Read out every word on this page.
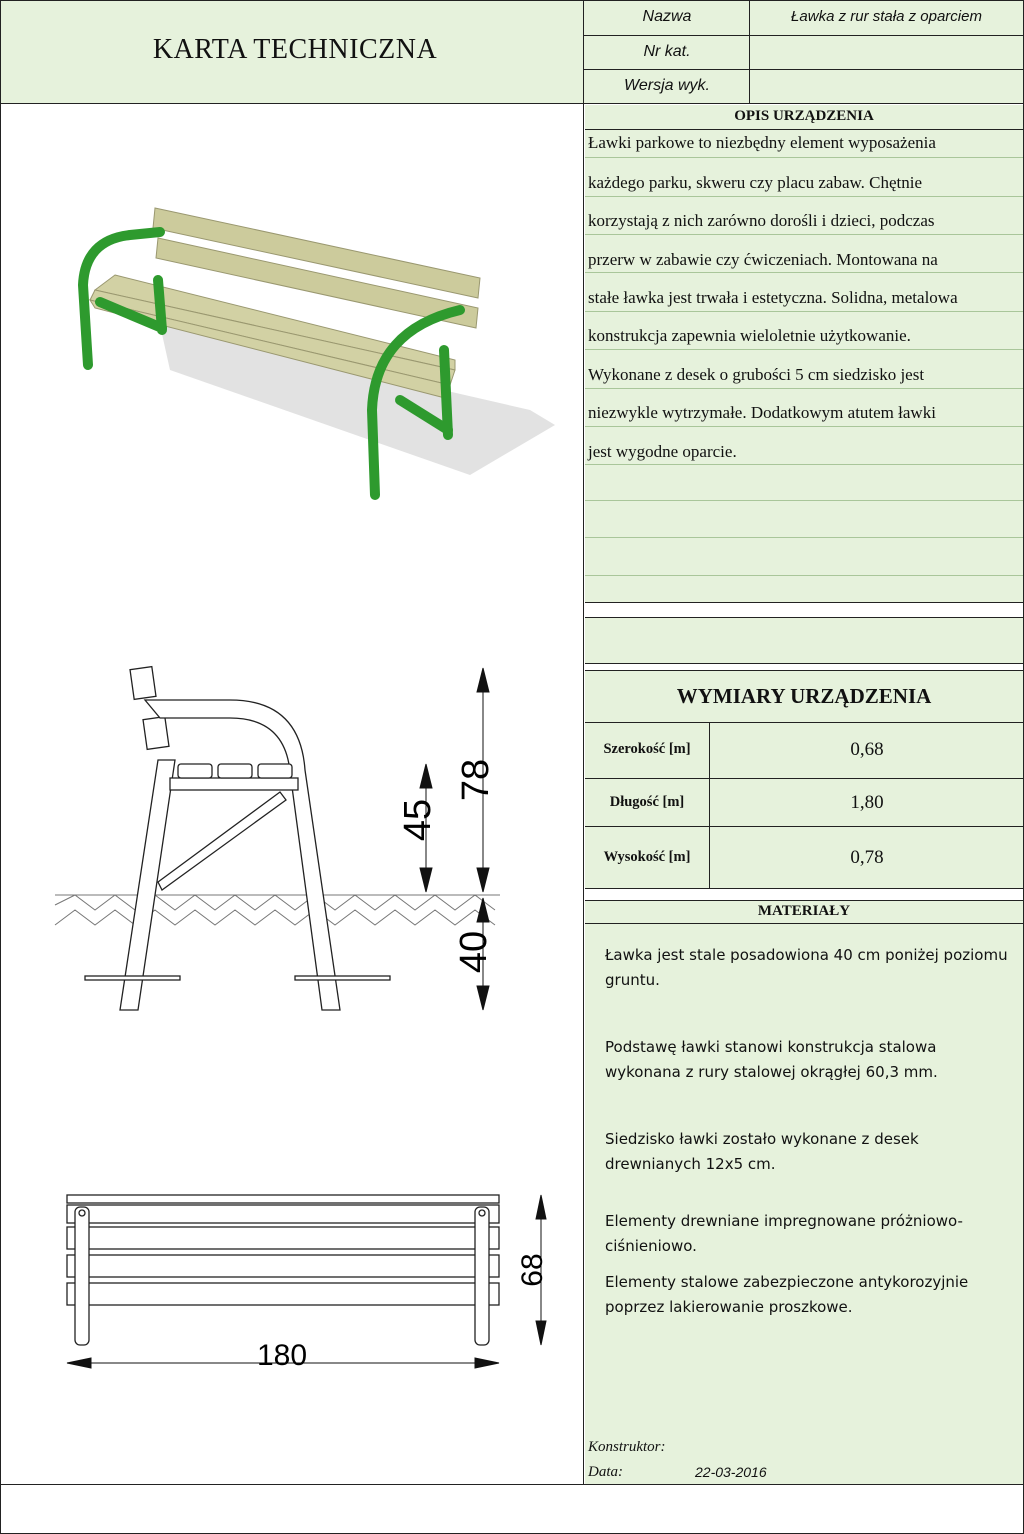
KARTA TECHNICZNA
Nazwa	Ławka z rur stała z oparciem
Nr kat.
Wersja wyk.
OPIS URZĄDZENIA
Ławki parkowe to niezbędny element wyposażenia
każdego parku, skweru czy placu zabaw. Chętnie
korzystają z nich zarówno dorośli i dzieci, podczas
przerw w zabawie czy ćwiczeniach. Montowana na
stałe ławka jest trwała i estetyczna. Solidna, metalowa
konstrukcja zapewnia wieloletnie użytkowanie.
Wykonane z desek o grubości 5 cm siedzisko jest
niezwykle wytrzymałe. Dodatkowym atutem ławki
jest wygodne oparcie.
WYMIARY URZĄDZENIA
Szerokość [m]	0,68
Długość [m]	1,80
Wysokość [m]	0,78
MATERIAŁY
Ławka jest stale posadowiona 40 cm poniżej poziomu gruntu.
Podstawę ławki stanowi konstrukcja stalowa wykonana z rury stalowej okrągłej 60,3 mm.
Siedzisko ławki zostało wykonane z desek drewnianych 12x5 cm.
Elementy drewniane impregnowane próżniowo-ciśnieniowo.
Elementy stalowe zabezpieczone antykorozyjnie poprzez lakierowanie proszkowe.
Konstruktor:
Data:	22-03-2016
78
45
40
180
68
